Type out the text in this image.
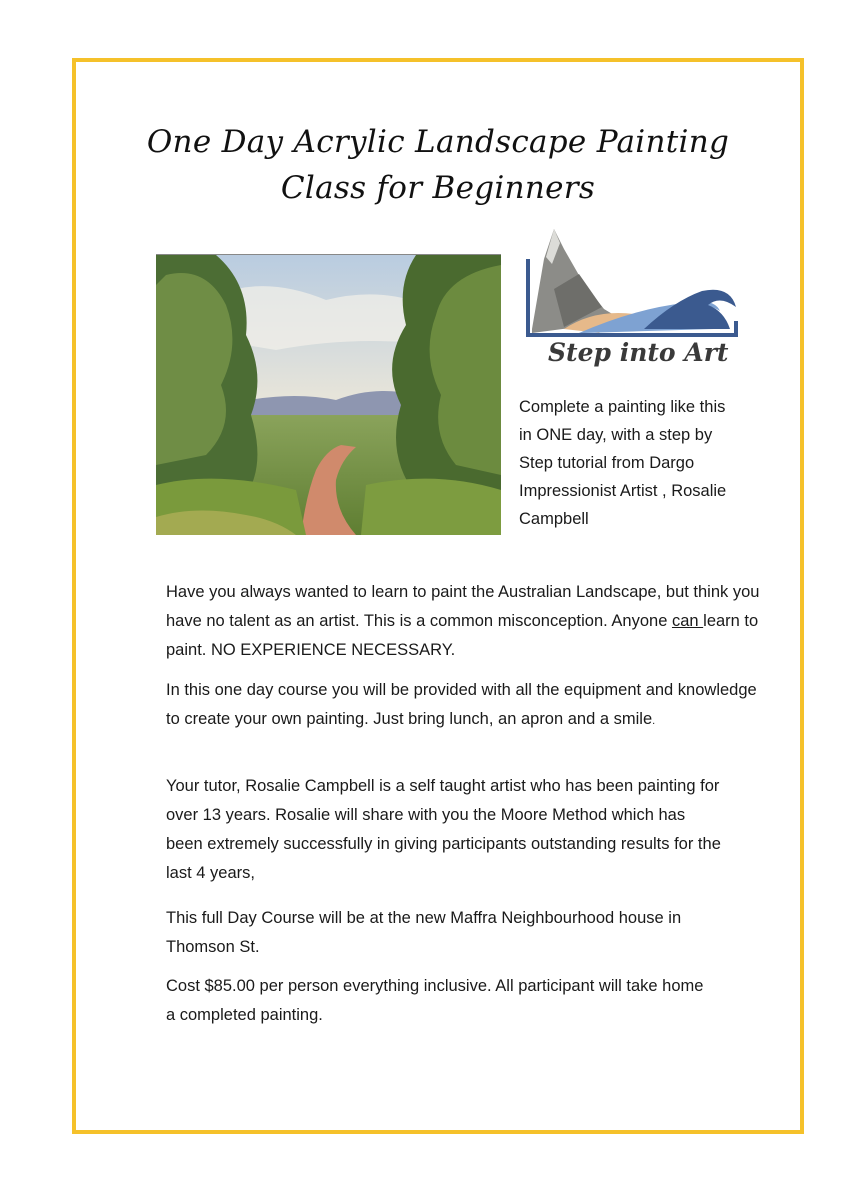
One Day Acrylic Landscape Painting
Class for Beginners
Step into Art
Complete a painting like this
in ONE day, with a step by
Step tutorial from Dargo
Impressionist Artist , Rosalie
Campbell
Have you always wanted to learn to paint the Australian Landscape, but think you have no talent as an artist. This is a common misconception. Anyone can learn to paint. NO EXPERIENCE NECESSARY.
In this one day course you will be provided with all the equipment and knowledge to create your own painting. Just bring lunch, an apron and a smile.
Your tutor, Rosalie Campbell is a self taught artist who has been painting for over 13 years. Rosalie will share with you the Moore Method which has been extremely successfully in giving participants outstanding results for the last 4 years,
This full Day Course will be at the new Maffra Neighbourhood house in Thomson St.
Cost $85.00 per person everything inclusive. All participant will take home a completed painting.
